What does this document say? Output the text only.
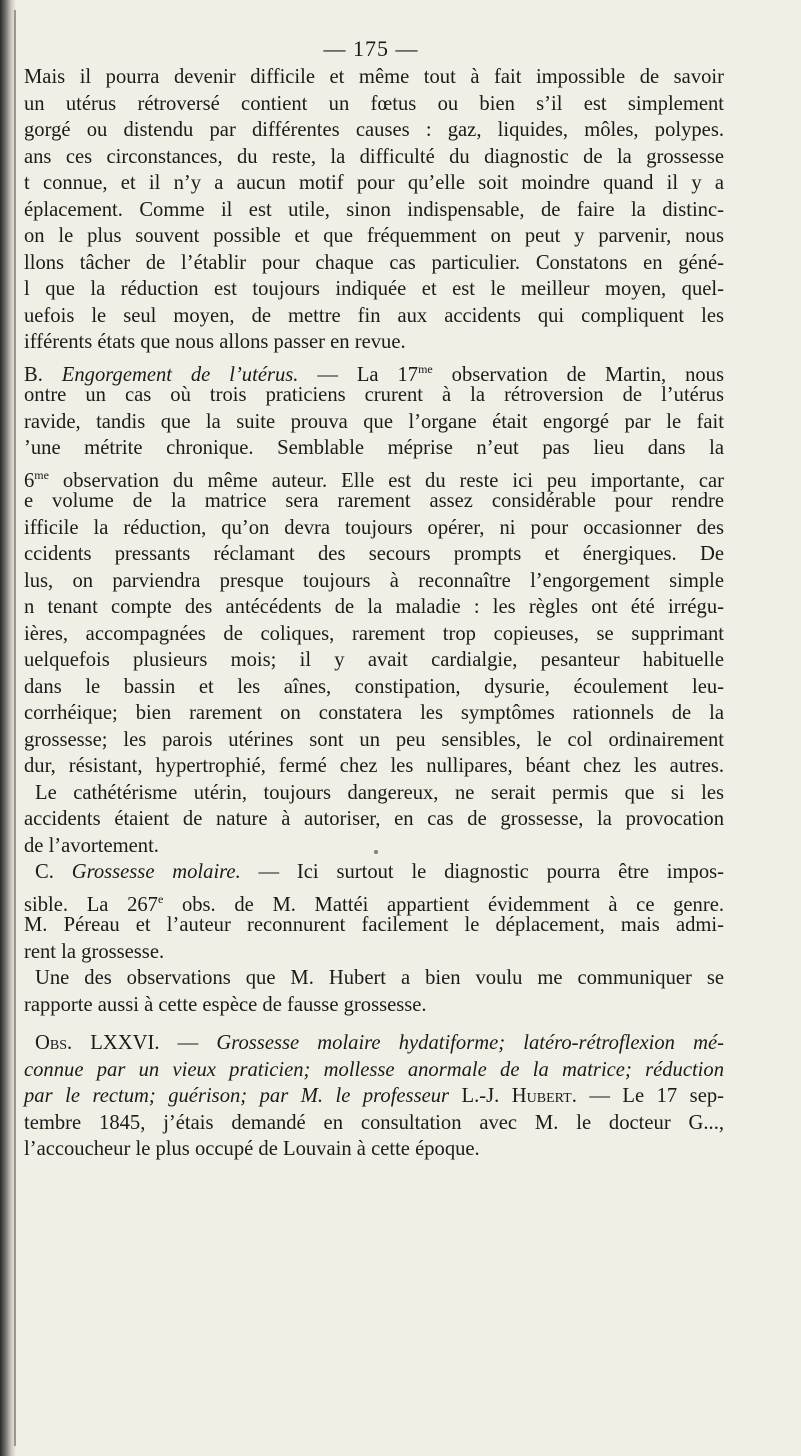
— 175 —
Mais il pourra devenir difficile et même tout à fait impossible de savoir
un utérus rétroversé contient un fœtus ou bien s’il est simplement
gorgé ou distendu par différentes causes : gaz, liquides, môles, polypes.
ans ces circonstances, du reste, la difficulté du diagnostic de la grossesse
t connue, et il n’y a aucun motif pour qu’elle soit moindre quand il y a
éplacement. Comme il est utile, sinon indispensable, de faire la distinc-
on le plus souvent possible et que fréquemment on peut y parvenir, nous
llons tâcher de l’établir pour chaque cas particulier. Constatons en géné-
l que la réduction est toujours indiquée et est le meilleur moyen, quel-
uefois le seul moyen, de mettre fin aux accidents qui compliquent les
ifférents états que nous allons passer en revue.
B. Engorgement de l’utérus. — La $17^{me}$ observation de Martin, nous
ontre un cas où trois praticiens crurent à la rétroversion de l’utérus
ravide, tandis que la suite prouva que l’organe était engorgé par le fait
’une métrite chronique. Semblable méprise n’eut pas lieu dans la
$6^{me}$ observation du même auteur. Elle est du reste ici peu importante, car
e volume de la matrice sera rarement assez considérable pour rendre
ifficile la réduction, qu’on devra toujours opérer, ni pour occasionner des
ccidents pressants réclamant des secours prompts et énergiques. De
lus, on parviendra presque toujours à reconnaître l’engorgement simple
n tenant compte des antécédents de la maladie : les règles ont été irrégu-
ières, accompagnées de coliques, rarement trop copieuses, se supprimant
uelquefois plusieurs mois; il y avait cardialgie, pesanteur habituelle
dans le bassin et les aînes, constipation, dysurie, écoulement leu-
corrhéique; bien rarement on constatera les symptômes rationnels de la
grossesse; les parois utérines sont un peu sensibles, le col ordinairement
dur, résistant, hypertrophié, fermé chez les nullipares, béant chez les autres.
Le cathétérisme utérin, toujours dangereux, ne serait permis que si les
accidents étaient de nature à autoriser, en cas de grossesse, la provocation
de l’avortement.
C. Grossesse molaire. — Ici surtout le diagnostic pourra être impos-
sible. La 267e obs. de M. Mattéi appartient évidemment à ce genre.
M. Péreau et l’auteur reconnurent facilement le déplacement, mais admi-
rent la grossesse.
Une des observations que M. Hubert a bien voulu me communiquer se
rapporte aussi à cette espèce de fausse grossesse.
Obs. LXXVI. — Grossesse molaire hydatiforme; latéro-rétroflexion mé-
connue par un vieux praticien; mollesse anormale de la matrice; réduction
par le rectum; guérison; par M. le professeur L.-J. Hubert. — Le 17 sep-
tembre 1845, j’étais demandé en consultation avec M. le docteur G...,
l’accoucheur le plus occupé de Louvain à cette époque.
